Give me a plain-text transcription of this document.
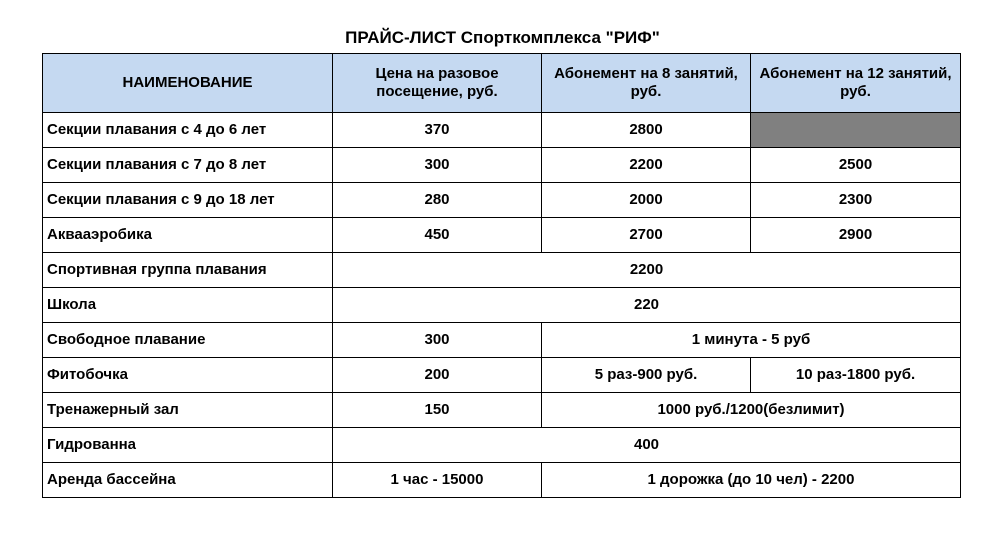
ПРАЙС-ЛИСТ Спорткомплекса "РИФ"
НАИМЕНОВАНИЕ	Цена на разовое посещение, руб.	Абонемент на 8 занятий, руб.	Абонемент на 12 занятий, руб.
Секции плавания с 4 до 6 лет	370	2800	
Секции плавания с 7 до 8 лет	300	2200	2500
Секции плавания с 9 до 18 лет	280	2000	2300
Аквааэробика	450	2700	2900
Спортивная группа плавания	2200		
Школа	220		
Свободное плавание	300	1 минута - 5 руб	
Фитобочка	200	5 раз-900 руб.	10 раз-1800 руб.
Тренажерный зал	150	1000 руб./1200(безлимит)	
Гидрованна	400		
Аренда бассейна	1 час - 15000	1 дорожка (до 10 чел) - 2200	
